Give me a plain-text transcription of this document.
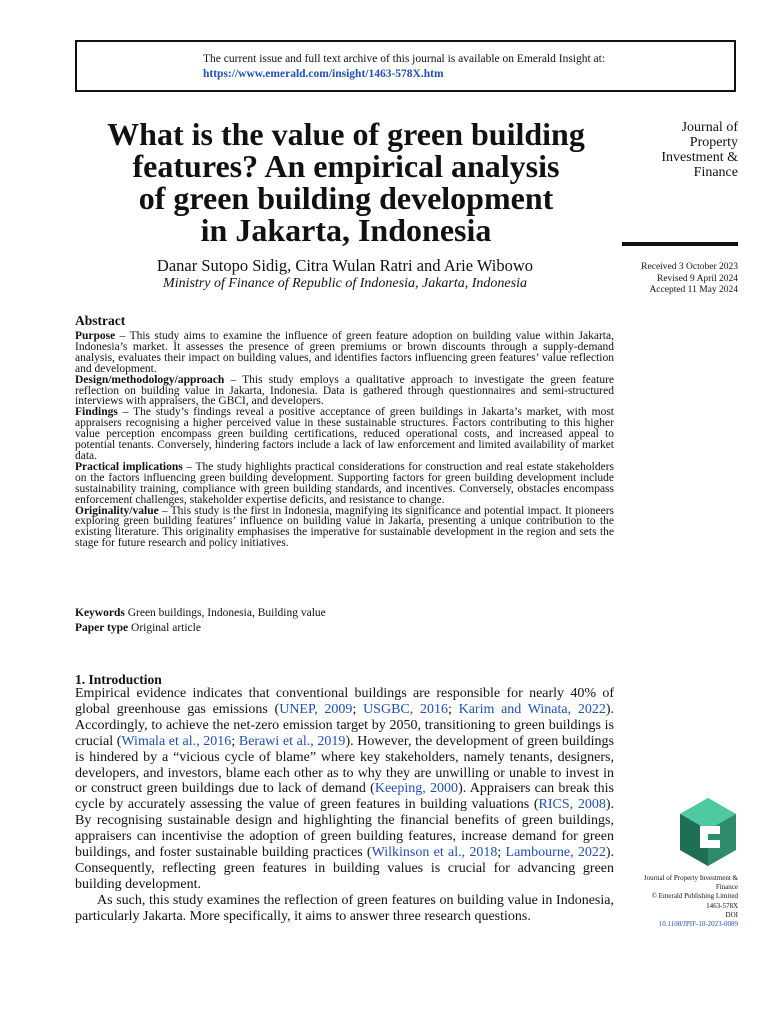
The current issue and full text archive of this journal is available on Emerald Insight at:
https://www.emerald.com/insight/1463-578X.htm
What is the value of green building
features? An empirical analysis
of green building development
in Jakarta, Indonesia
Journal of
Property
Investment &
Finance
Received 3 October 2023
Revised 9 April 2024
Accepted 11 May 2024
Danar Sutopo Sidig, Citra Wulan Ratri and Arie Wibowo
Ministry of Finance of Republic of Indonesia, Jakarta, Indonesia
Abstract

Purpose – This study aims to examine the influence of green feature adoption on building value within Jakarta, Indonesia’s market. It assesses the presence of green premiums or brown discounts through a supply-demand analysis, evaluates their impact on building values, and identifies factors influencing green features’ value reflection and development.

Design/methodology/approach – This study employs a qualitative approach to investigate the green feature reflection on building value in Jakarta, Indonesia. Data is gathered through questionnaires and semi-structured interviews with appraisers, the GBCI, and developers.

Findings – The study’s findings reveal a positive acceptance of green buildings in Jakarta’s market, with most appraisers recognising a higher perceived value in these sustainable structures. Factors contributing to this higher value perception encompass green building certifications, reduced operational costs, and increased appeal to potential tenants. Conversely, hindering factors include a lack of law enforcement and limited availability of market data.

Practical implications – The study highlights practical considerations for construction and real estate stakeholders on the factors influencing green building development. Supporting factors for green building development include sustainability training, compliance with green building standards, and incentives. Conversely, obstacles encompass enforcement challenges, stakeholder expertise deficits, and resistance to change.

Originality/value – This study is the first in Indonesia, magnifying its significance and potential impact. It pioneers exploring green building features’ influence on building value in Jakarta, presenting a unique contribution to the existing literature. This originality emphasises the imperative for sustainable development in the region and sets the stage for future research and policy initiatives.

Keywords Green buildings, Indonesia, Building value
Paper type Original article
1. Introduction

Empirical evidence indicates that conventional buildings are responsible for nearly 40% of global greenhouse gas emissions (UNEP, 2009; USGBC, 2016; Karim and Winata, 2022). Accordingly, to achieve the net-zero emission target by 2050, transitioning to green buildings is crucial (Wimala et al., 2016; Berawi et al., 2019). However, the development of green buildings is hindered by a “vicious cycle of blame” where key stakeholders, namely tenants, designers, developers, and investors, blame each other as to why they are unwilling or unable to invest in or construct green buildings due to lack of demand (Keeping, 2000). Appraisers can break this cycle by accurately assessing the value of green features in building valuations (RICS, 2008). By recognising sustainable design and highlighting the financial benefits of green buildings, appraisers can incentivise the adoption of green building features, increase demand for green buildings, and foster sustainable building practices (Wilkinson et al., 2018; Lambourne, 2022). Consequently, reflecting green features in building values is crucial for advancing green building development.

As such, this study examines the reflection of green features on building value in Indonesia, particularly Jakarta. More specifically, it aims to answer three research questions.

Journal of Property Investment &
Finance
© Emerald Publishing Limited
1463-578X
DOI
10.1108/JPIF-10-2023-0089
